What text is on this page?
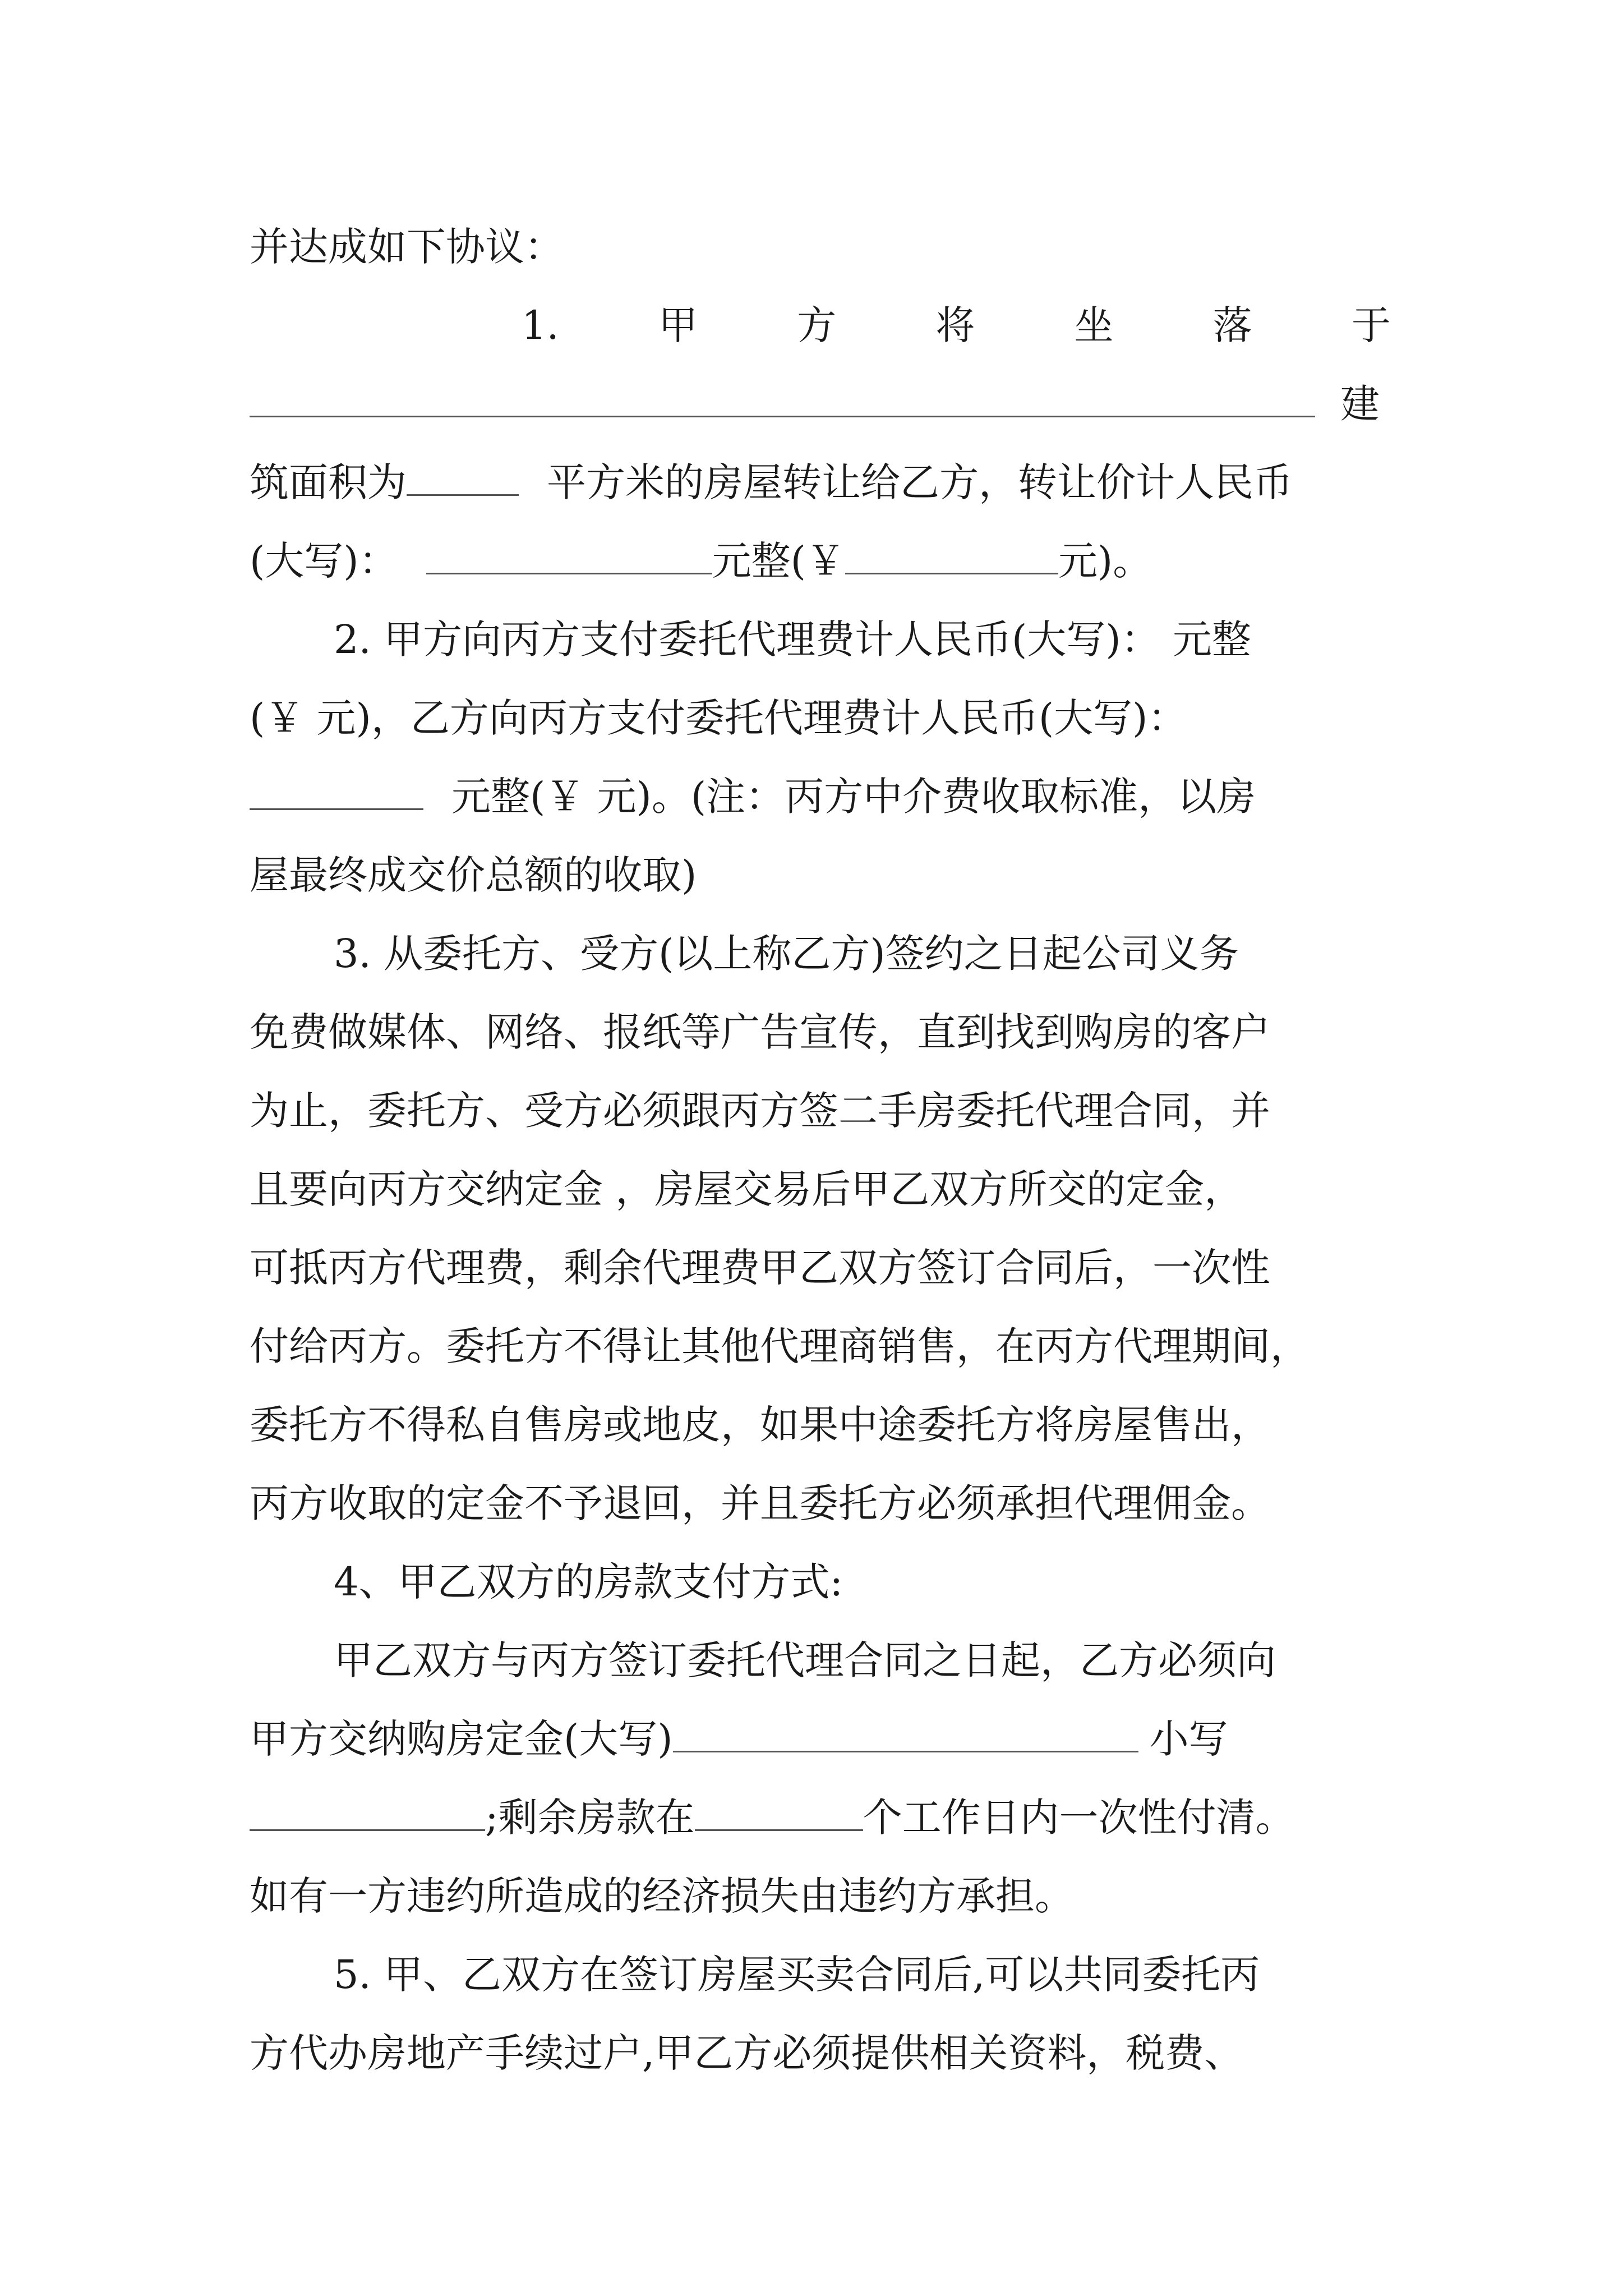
并达成如下协议：
1.	甲	方	将	坐	落	于
建
筑面积为	平方米的房屋转让给乙方，转让价计人民币
(大写)：	元整(￥	元)。
2. 甲方向丙方支付委托代理费计人民币(大写)： 元整
(￥ 元)，乙方向丙方支付委托代理费计人民币(大写)：
元整(￥ 元)。(注：丙方中介费收取标准，以房
屋最终成交价总额的收取)
3. 从委托方、受方(以上称乙方)签约之日起公司义务
免费做媒体、网络、报纸等广告宣传，直到找到购房的客户
为止，委托方、受方必须跟丙方签二手房委托代理合同，并
且要向丙方交纳定金 ，房屋交易后甲乙双方所交的定金，
可抵丙方代理费，剩余代理费甲乙双方签订合同后，一次性
付给丙方。委托方不得让其他代理商销售，在丙方代理期间，
委托方不得私自售房或地皮，如果中途委托方将房屋售出，
丙方收取的定金不予退回，并且委托方必须承担代理佣金。
4、甲乙双方的房款支付方式:
甲乙双方与丙方签订委托代理合同之日起，乙方必须向
甲方交纳购房定金(大写)	小写
;剩余房款在	个工作日内一次性付清。
如有一方违约所造成的经济损失由违约方承担。
5. 甲、乙双方在签订房屋买卖合同后,可以共同委托丙
方代办房地产手续过户,甲乙方必须提供相关资料，税费、
